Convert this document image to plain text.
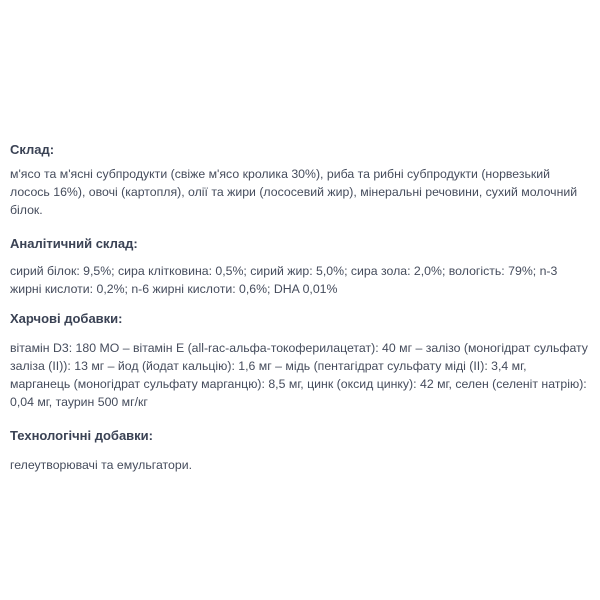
Склад:

м'ясо та м'ясні субпродукти (свіже м'ясо кролика 30%), риба та рибні субпродукти (норвезький лосось 16%), овочі (картопля), олії та жири (лососевий жир), мінеральні речовини, сухий молочний білок.

Аналітичний склад:

сирий білок: 9,5%; сира клітковина: 0,5%; сирий жир: 5,0%; сира зола: 2,0%; вологість: 79%; n-3 жирні кислоти: 0,2%; n-6 жирні кислоти: 0,6%; DHA 0,01%

Харчові добавки:

вітамін D3: 180 МО – вітамін E (all-rac-альфа-токоферилацетат): 40 мг – залізо (моногідрат сульфату заліза (II)): 13 мг – йод (йодат кальцію): 1,6 мг – мідь (пентагідрат сульфату міді (II): 3,4 мг, марганець (моногідрат сульфату марганцю): 8,5 мг, цинк (оксид цинку): 42 мг, селен (селеніт натрію): 0,04 мг, таурин 500 мг/кг

Технологічні добавки:

гелеутворювачі та емульгатори.
